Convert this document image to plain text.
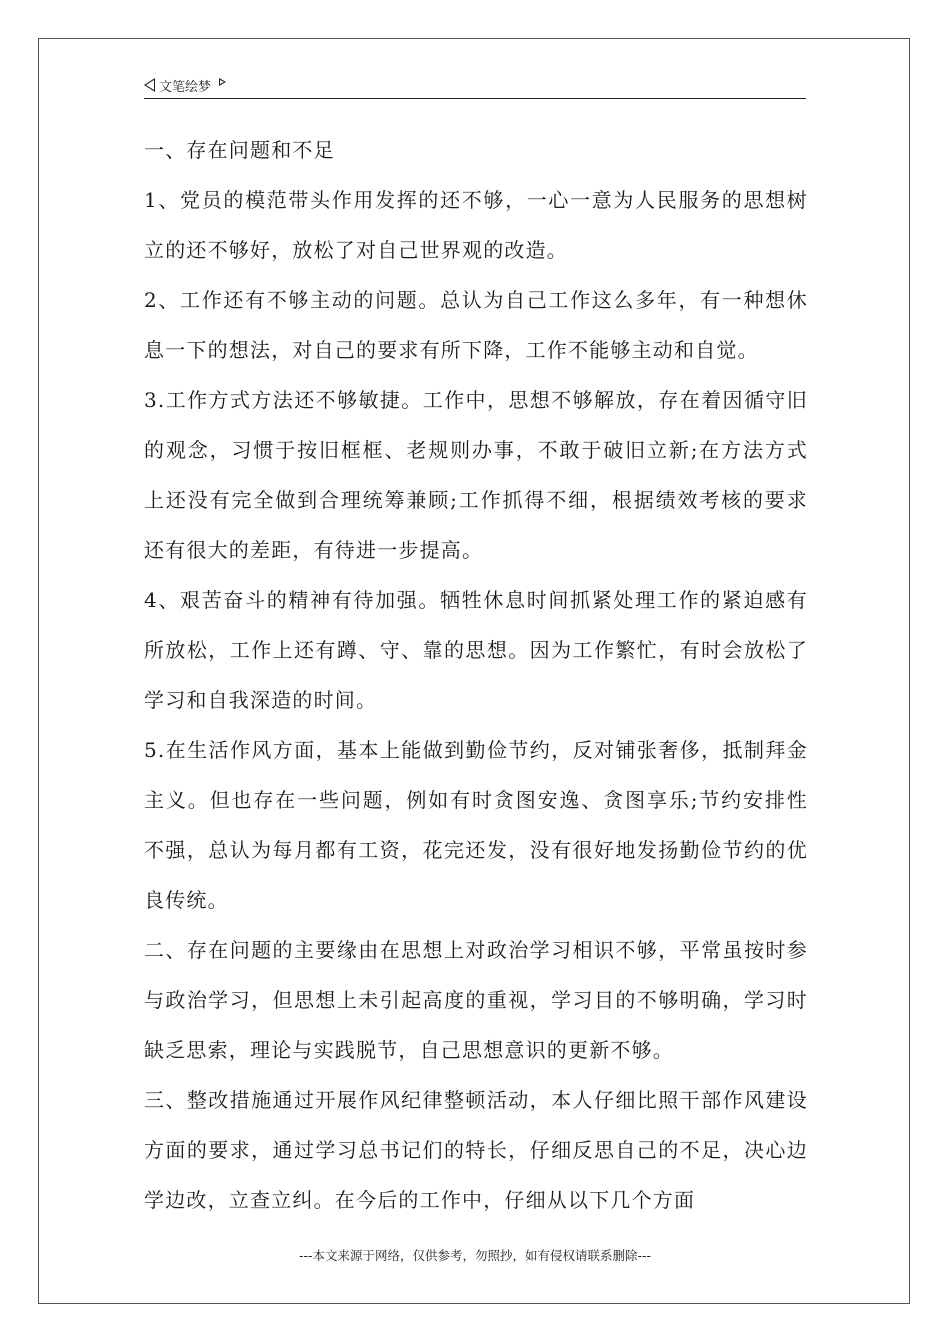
文笔绘梦

一、存在问题和不足

1、党员的模范带头作用发挥的还不够，一心一意为人民服务的思想树立的还不够好，放松了对自己世界观的改造。

2、工作还有不够主动的问题。总认为自己工作这么多年，有一种想休息一下的想法，对自己的要求有所下降，工作不能够主动和自觉。

3.工作方式方法还不够敏捷。工作中，思想不够解放，存在着因循守旧的观念，习惯于按旧框框、老规则办事，不敢于破旧立新;在方法方式上还没有完全做到合理统筹兼顾;工作抓得不细，根据绩效考核的要求还有很大的差距，有待进一步提高。

4、艰苦奋斗的精神有待加强。牺牲休息时间抓紧处理工作的紧迫感有所放松，工作上还有蹲、守、靠的思想。因为工作繁忙，有时会放松了学习和自我深造的时间。

5.在生活作风方面，基本上能做到勤俭节约，反对铺张奢侈，抵制拜金主义。但也存在一些问题，例如有时贪图安逸、贪图享乐;节约安排性不强，总认为每月都有工资，花完还发，没有很好地发扬勤俭节约的优良传统。

二、存在问题的主要缘由在思想上对政治学习相识不够，平常虽按时参与政治学习，但思想上未引起高度的重视，学习目的不够明确，学习时缺乏思索，理论与实践脱节，自己思想意识的更新不够。

三、整改措施通过开展作风纪律整顿活动，本人仔细比照干部作风建设方面的要求，通过学习总书记们的特长，仔细反思自己的不足，决心边学边改，立查立纠。在今后的工作中，仔细从以下几个方面

---本文来源于网络，仅供参考，勿照抄，如有侵权请联系删除---
